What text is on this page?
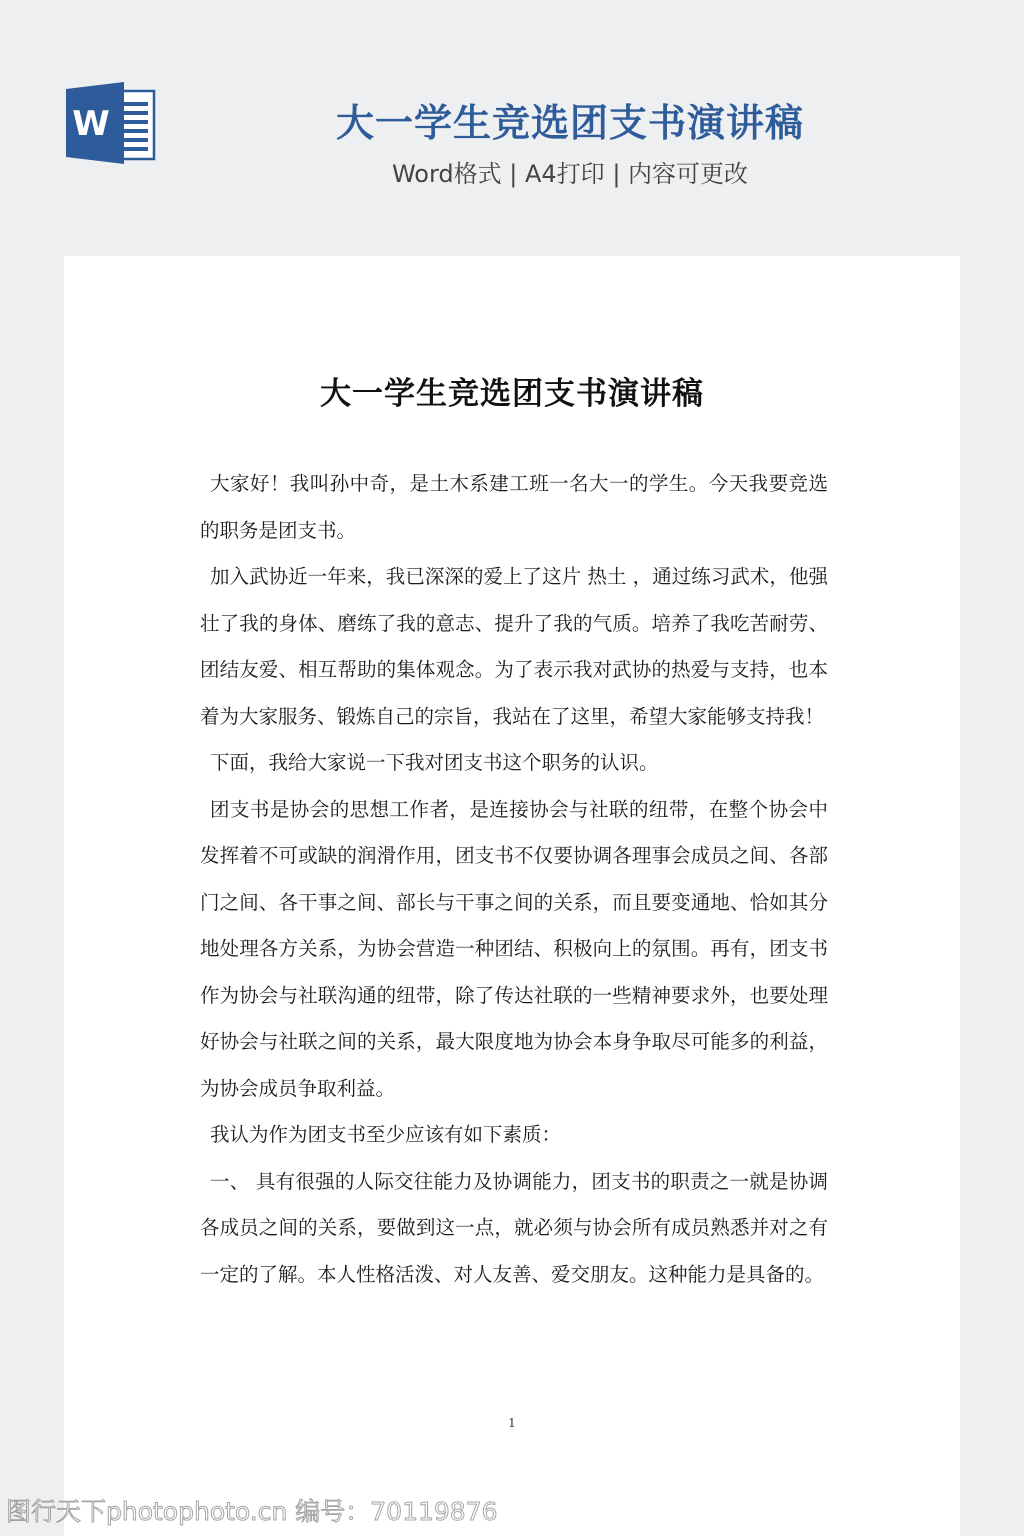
W	大一学生竞选团支书演讲稿
Word格式 | A4打印 | 内容可更改
大一学生竞选团支书演讲稿

大家好！我叫孙中奇，是土木系建工班一名大一的学生。今天我要竞选的职务是团支书。

加入武协近一年来，我已深深的爱上了这片 热土 ，通过练习武术，他强壮了我的身体、磨练了我的意志、提升了我的气质。培养了我吃苦耐劳、团结友爱、相互帮助的集体观念。为了表示我对武协的热爱与支持，也本着为大家服务、锻炼自己的宗旨，我站在了这里，希望大家能够支持我！

下面，我给大家说一下我对团支书这个职务的认识。

团支书是协会的思想工作者，是连接协会与社联的纽带，在整个协会中发挥着不可或缺的润滑作用，团支书不仅要协调各理事会成员之间、各部门之间、各干事之间、部长与干事之间的关系，而且要变通地、恰如其分地处理各方关系，为协会营造一种团结、积极向上的氛围。再有，团支书作为协会与社联沟通的纽带，除了传达社联的一些精神要求外，也要处理好协会与社联之间的关系，最大限度地为协会本身争取尽可能多的利益，为协会成员争取利益。

我认为作为团支书至少应该有如下素质：

一、 具有很强的人际交往能力及协调能力，团支书的职责之一就是协调各成员之间的关系，要做到这一点，就必须与协会所有成员熟悉并对之有一定的了解。本人性格活泼、对人友善、爱交朋友。这种能力是具备的。

1
图行天下photophoto.cn 编号：70119876
